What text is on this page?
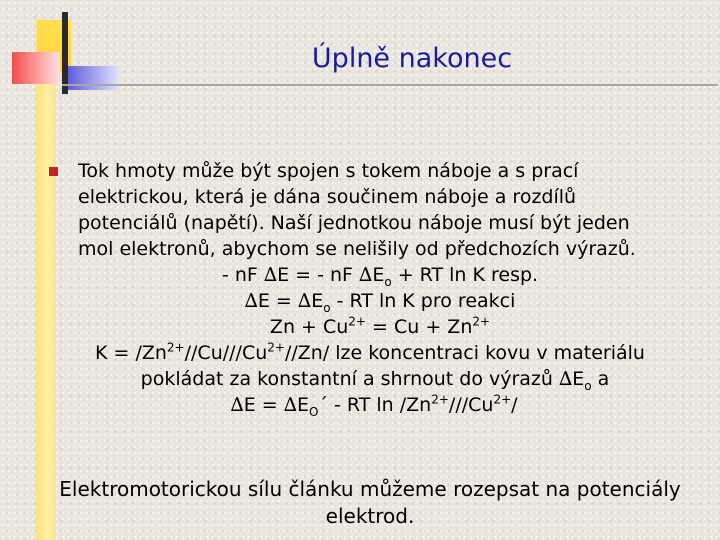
Úplně nakonec
Tok hmoty může být spojen s tokem náboje a s prací
elektrickou, která je dána součinem náboje a rozdílů
potenciálů (napětí). Naší jednotkou náboje musí být jeden
mol elektronů, abychom se nelišily od předchozích výrazů.
- nF ∆E = - nF $\Delta E_o$ + RT ln K resp.
$\Delta E = \Delta E_o$ - RT ln K pro reakci
$Zn + Cu^{2+} = Cu + Zn^{2+}$
$K = /Zn^{2+}//Cu///Cu^{2+}//Zn/$ lze koncentraci kovu v materiálu
pokládat za konstantní a shrnout do výrazů $\Delta E_o$ a
$\Delta E = \Delta E_O´$ - RT $\ln /Zn^{2+}///Cu^{2+}/$
Elektromotorickou sílu článku můžeme rozepsat na potenciály
elektrod.
